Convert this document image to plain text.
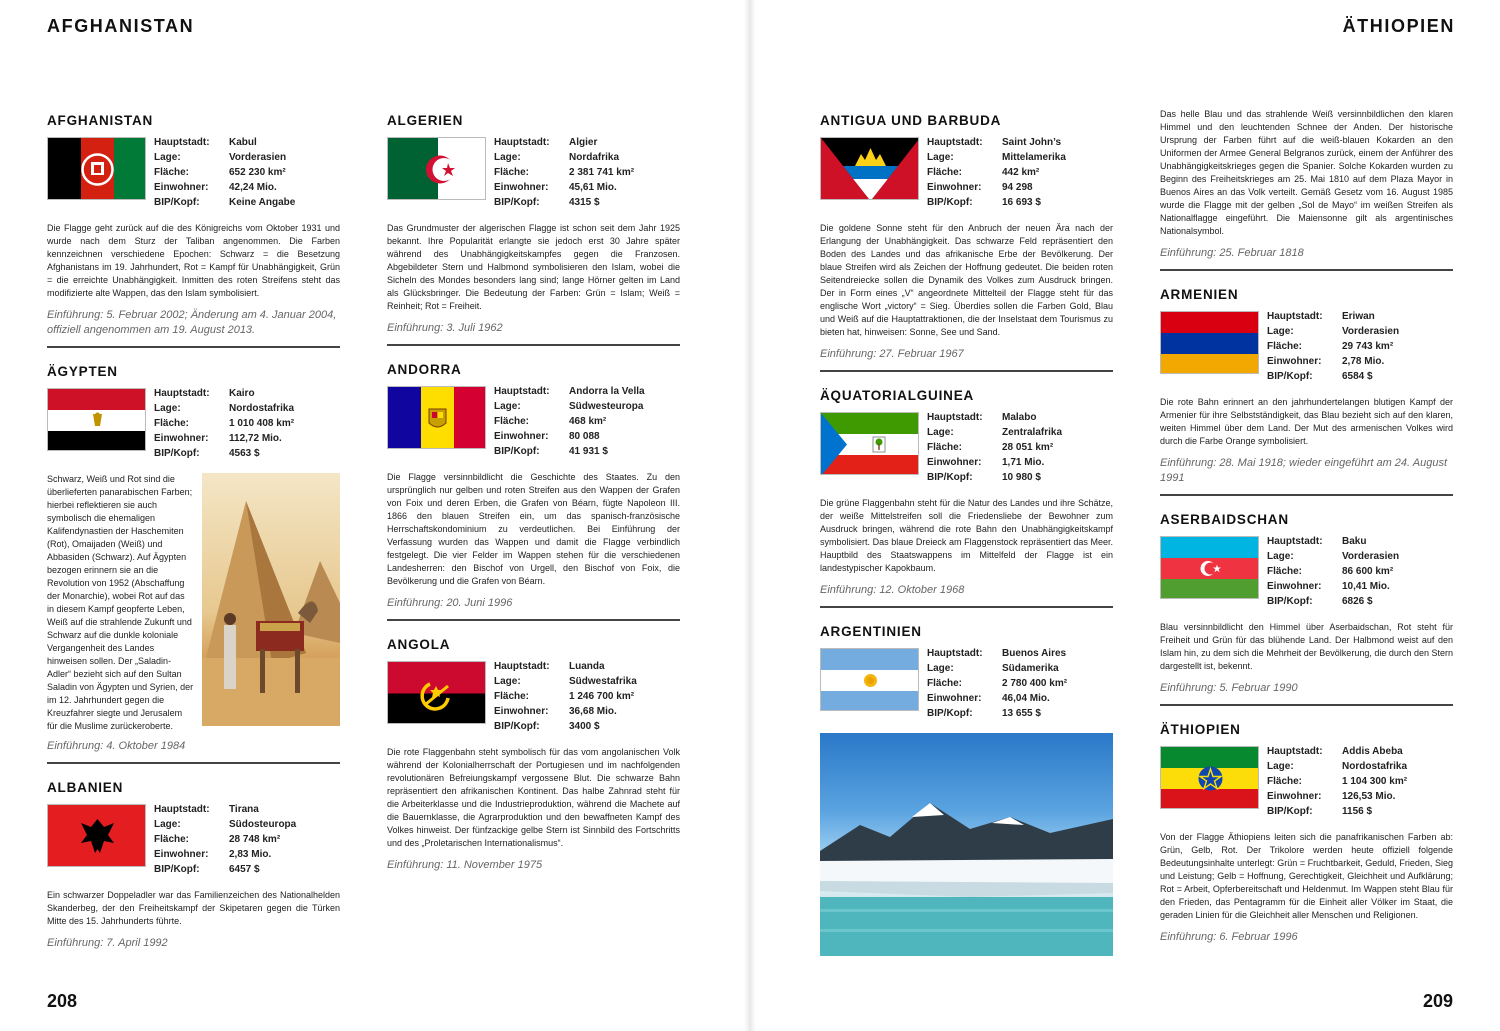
AFGHANISTAN
208
ÄTHIOPIEN
209
AFGHANISTAN
Hauptstadt:	Kabul
Lage:	Vorderasien
Fläche:	652 230 km²
Einwohner:	42,24 Mio.
BIP/Kopf:	Keine Angabe

Die Flagge geht zurück auf die des Königreichs vom Oktober 1931 und wurde nach dem Sturz der Taliban angenommen. Die Farben kennzeichnen verschiedene Epochen: Schwarz = die Besetzung Afghanistans im 19. Jahrhundert, Rot = Kampf für Unabhängigkeit, Grün = die erreichte Unabhängigkeit. Inmitten des roten Streifens steht das modifizierte alte Wappen, das den Islam symbolisiert.

Einführung: 5. Februar 2002; Änderung am 4. Januar 2004, offiziell angenommen am 19. August 2013.

ÄGYPTEN
Hauptstadt:	Kairo
Lage:	Nordostafrika
Fläche:	1 010 408 km²
Einwohner:	112,72 Mio.
BIP/Kopf:	4563 $

Schwarz, Weiß und Rot sind die überlieferten panarabischen Farben; hierbei reflektieren sie auch symbolisch die ehemaligen Kalifendynastien der Haschemiten (Rot), Omaijaden (Weiß) und Abbasiden (Schwarz). Auf Ägypten bezogen erinnern sie an die Revolution von 1952 (Abschaffung der Monarchie), wobei Rot auf das in diesem Kampf geopferte Leben, Weiß auf die strahlende Zukunft und Schwarz auf die dunkle koloniale Vergangenheit des Landes hinweisen sollen. Der „Saladin-Adler“ bezieht sich auf den Sultan Saladin von Ägypten und Syrien, der im 12. Jahrhundert gegen die Kreuzfahrer siegte und Jerusalem für die Muslime zurückeroberte.

Einführung: 4. Oktober 1984

ALBANIEN
Hauptstadt:	Tirana
Lage:	Südosteuropa
Fläche:	28 748 km²
Einwohner:	2,83 Mio.
BIP/Kopf:	6457 $

Ein schwarzer Doppeladler war das Familienzeichen des Nationalhelden Skanderbeg, der den Freiheitskampf der Skipetaren gegen die Türken Mitte des 15. Jahrhunderts führte.

Einführung: 7. April 1992

ALGERIEN
Hauptstadt:	Algier
Lage:	Nordafrika
Fläche:	2 381 741 km²
Einwohner:	45,61 Mio.
BIP/Kopf:	4315 $

Das Grundmuster der algerischen Flagge ist schon seit dem Jahr 1925 bekannt. Ihre Popularität erlangte sie jedoch erst 30 Jahre später während des Unabhängigkeitskampfes gegen die Franzosen. Abgebildeter Stern und Halbmond symbolisieren den Islam, wobei die Sicheln des Mondes besonders lang sind; lange Hörner gelten im Land als Glücksbringer. Die Bedeutung der Farben: Grün = Islam; Weiß = Reinheit; Rot = Freiheit.

Einführung: 3. Juli 1962

ANDORRA
Hauptstadt:	Andorra la Vella
Lage:	Südwesteuropa
Fläche:	468 km²
Einwohner:	80 088
BIP/Kopf:	41 931 $

Die Flagge versinnbildlicht die Geschichte des Staates. Zu den ursprünglich nur gelben und roten Streifen aus den Wappen der Grafen von Foix und deren Erben, die Grafen von Béarn, fügte Napoleon III. 1866 den blauen Streifen ein, um das spanisch-französische Herrschaftskondominium zu verdeutlichen. Bei Einführung der Verfassung wurden das Wappen und damit die Flagge verbindlich festgelegt. Die vier Felder im Wappen stehen für die verschiedenen Landesherren: den Bischof von Urgell, den Bischof von Foix, die Bevölkerung und die Grafen von Béarn.

Einführung: 20. Juni 1996

ANGOLA
Hauptstadt:	Luanda
Lage:	Südwestafrika
Fläche:	1 246 700 km²
Einwohner:	36,68 Mio.
BIP/Kopf:	3400 $

Die rote Flaggenbahn steht symbolisch für das vom angolanischen Volk während der Kolonialherrschaft der Portugiesen und im nachfolgenden revolutionären Befreiungskampf vergossene Blut. Die schwarze Bahn repräsentiert den afrikanischen Kontinent. Das halbe Zahnrad steht für die Arbeiterklasse und die Industrieproduktion, während die Machete auf die Bauernklasse, die Agrarproduktion und den bewaffneten Kampf des Volkes hinweist. Der fünfzackige gelbe Stern ist Sinnbild des Fortschritts und des „Proletarischen Internationalismus“.

Einführung: 11. November 1975

ANTIGUA UND BARBUDA
Hauptstadt:	Saint John’s
Lage:	Mittelamerika
Fläche:	442 km²
Einwohner:	94 298
BIP/Kopf:	16 693 $

Die goldene Sonne steht für den Anbruch der neuen Ära nach der Erlangung der Unabhängigkeit. Das schwarze Feld repräsentiert den Boden des Landes und das afrikanische Erbe der Bevölkerung. Der blaue Streifen wird als Zeichen der Hoffnung gedeutet. Die beiden roten Seitendreiecke sollen die Dynamik des Volkes zum Ausdruck bringen. Der in Form eines „V“ angeordnete Mittelteil der Flagge steht für das englische Wort „victory“ = Sieg. Überdies sollen die Farben Gold, Blau und Weiß auf die Hauptattraktionen, die der Inselstaat dem Tourismus zu bieten hat, hinweisen: Sonne, See und Sand.

Einführung: 27. Februar 1967

ÄQUATORIALGUINEA
Hauptstadt:	Malabo
Lage:	Zentralafrika
Fläche:	28 051 km²
Einwohner:	1,71 Mio.
BIP/Kopf:	10 980 $

Die grüne Flaggenbahn steht für die Natur des Landes und ihre Schätze, der weiße Mittelstreifen soll die Friedensliebe der Bewohner zum Ausdruck bringen, während die rote Bahn den Unabhängigkeitskampf symbolisiert. Das blaue Dreieck am Flaggenstock repräsentiert das Meer. Hauptbild des Staatswappens im Mittelfeld der Flagge ist ein landestypischer Kapokbaum.

Einführung: 12. Oktober 1968

ARGENTINIEN
Hauptstadt:	Buenos Aires
Lage:	Südamerika
Fläche:	2 780 400 km²
Einwohner:	46,04 Mio.
BIP/Kopf:	13 655 $

Das helle Blau und das strahlende Weiß versinnbildlichen den klaren Himmel und den leuchtenden Schnee der Anden. Der historische Ursprung der Farben führt auf die weiß-blauen Kokarden an den Uniformen der Armee General Belgranos zurück, einem der Anführer des Unabhängigkeitskrieges gegen die Spanier. Solche Kokarden wurden zu Beginn des Freiheitskrieges am 25. Mai 1810 auf dem Plaza Mayor in Buenos Aires an das Volk verteilt. Gemäß Gesetz vom 16. August 1985 wurde die Flagge mit der gelben „Sol de Mayo“ im weißen Streifen als Nationalflagge eingeführt. Die Maiensonne gilt als argentinisches Nationalsymbol.

Einführung: 25. Februar 1818

ARMENIEN
Hauptstadt:	Eriwan
Lage:	Vorderasien
Fläche:	29 743 km²
Einwohner:	2,78 Mio.
BIP/Kopf:	6584 $

Die rote Bahn erinnert an den jahrhundertelangen blutigen Kampf der Armenier für ihre Selbstständigkeit, das Blau bezieht sich auf den klaren, weiten Himmel über dem Land. Der Mut des armenischen Volkes wird durch die Farbe Orange symbolisiert.

Einführung: 28. Mai 1918; wieder eingeführt am 24. August 1991

ASERBAIDSCHAN
Hauptstadt:	Baku
Lage:	Vorderasien
Fläche:	86 600 km²
Einwohner:	10,41 Mio.
BIP/Kopf:	6826 $

Blau versinnbildlicht den Himmel über Aserbaidschan, Rot steht für Freiheit und Grün für das blühende Land. Der Halbmond weist auf den Islam hin, zu dem sich die Mehrheit der Bevölkerung, die durch den Stern dargestellt ist, bekennt.

Einführung: 5. Februar 1990

ÄTHIOPIEN
Hauptstadt:	Addis Abeba
Lage:	Nordostafrika
Fläche:	1 104 300 km²
Einwohner:	126,53 Mio.
BIP/Kopf:	1156 $

Von der Flagge Äthiopiens leiten sich die panafrikanischen Farben ab: Grün, Gelb, Rot. Der Trikolore werden heute offiziell folgende Bedeutungsinhalte unterlegt: Grün = Fruchtbarkeit, Geduld, Frieden, Sieg und Leistung; Gelb = Hoffnung, Gerechtigkeit, Gleichheit und Aufklärung; Rot = Arbeit, Opferbereitschaft und Heldenmut. Im Wappen steht Blau für den Frieden, das Pentagramm für die Einheit aller Völker im Staat, die geraden Linien für die Gleichheit aller Menschen und Religionen.

Einführung: 6. Februar 1996
